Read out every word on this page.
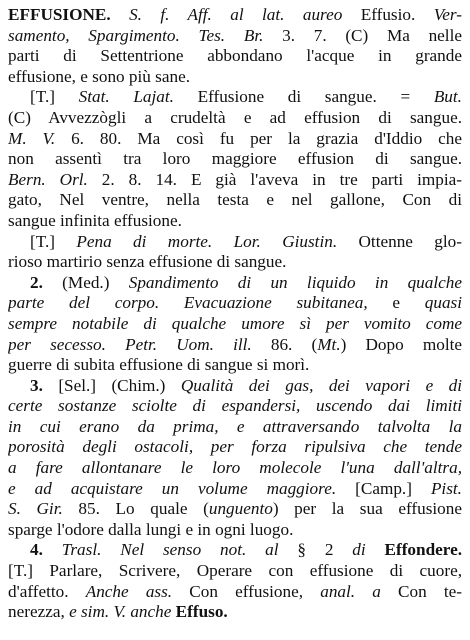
EFFUSIONE. S. f. Aff. al lat. aureo Effusio. Ver-
samento, Spargimento. Tes. Br. 3. 7. (C) Ma nelle
parti di Settentrione abbondano l'acque in grande
effusione, e sono più sane.
[T.] Stat. Lajat. Effusione di sangue. = But.
(C) Avvezzògli a crudeltà e ad effusion di sangue.
M. V. 6. 80. Ma così fu per la grazia d'Iddio che
non assentì tra loro maggiore effusion di sangue.
Bern. Orl. 2. 8. 14. E già l'aveva in tre parti impia-
gato, Nel ventre, nella testa e nel gallone, Con di
sangue infinita effusione.
[T.] Pena di morte. Lor. Giustin. Ottenne glo-
rioso martirio senza effusione di sangue.
2. (Med.) Spandimento di un liquido in qualche
parte del corpo. Evacuazione subitanea, e quasi
sempre notabile di qualche umore sì per vomito come
per secesso. Petr. Uom. ill. 86. (Mt.) Dopo molte
guerre di subita effusione di sangue si morì.
3. [Sel.] (Chim.) Qualità dei gas, dei vapori e di
certe sostanze sciolte di espandersi, uscendo dai limiti
in cui erano da prima, e attraversando talvolta la
porosità degli ostacoli, per forza ripulsiva che tende
a fare allontanare le loro molecole l'una dall'altra,
e ad acquistare un volume maggiore. [Camp.] Pist.
S. Gir. 85. Lo quale (unguento) per la sua effusione
sparge l'odore dalla lungi e in ogni luogo.
4. Trasl. Nel senso not. al § 2 di Effondere.
[T.] Parlare, Scrivere, Operare con effusione di cuore,
d'affetto. Anche ass. Con effusione, anal. a Con te-
nerezza, e sim. V. anche Effuso.
